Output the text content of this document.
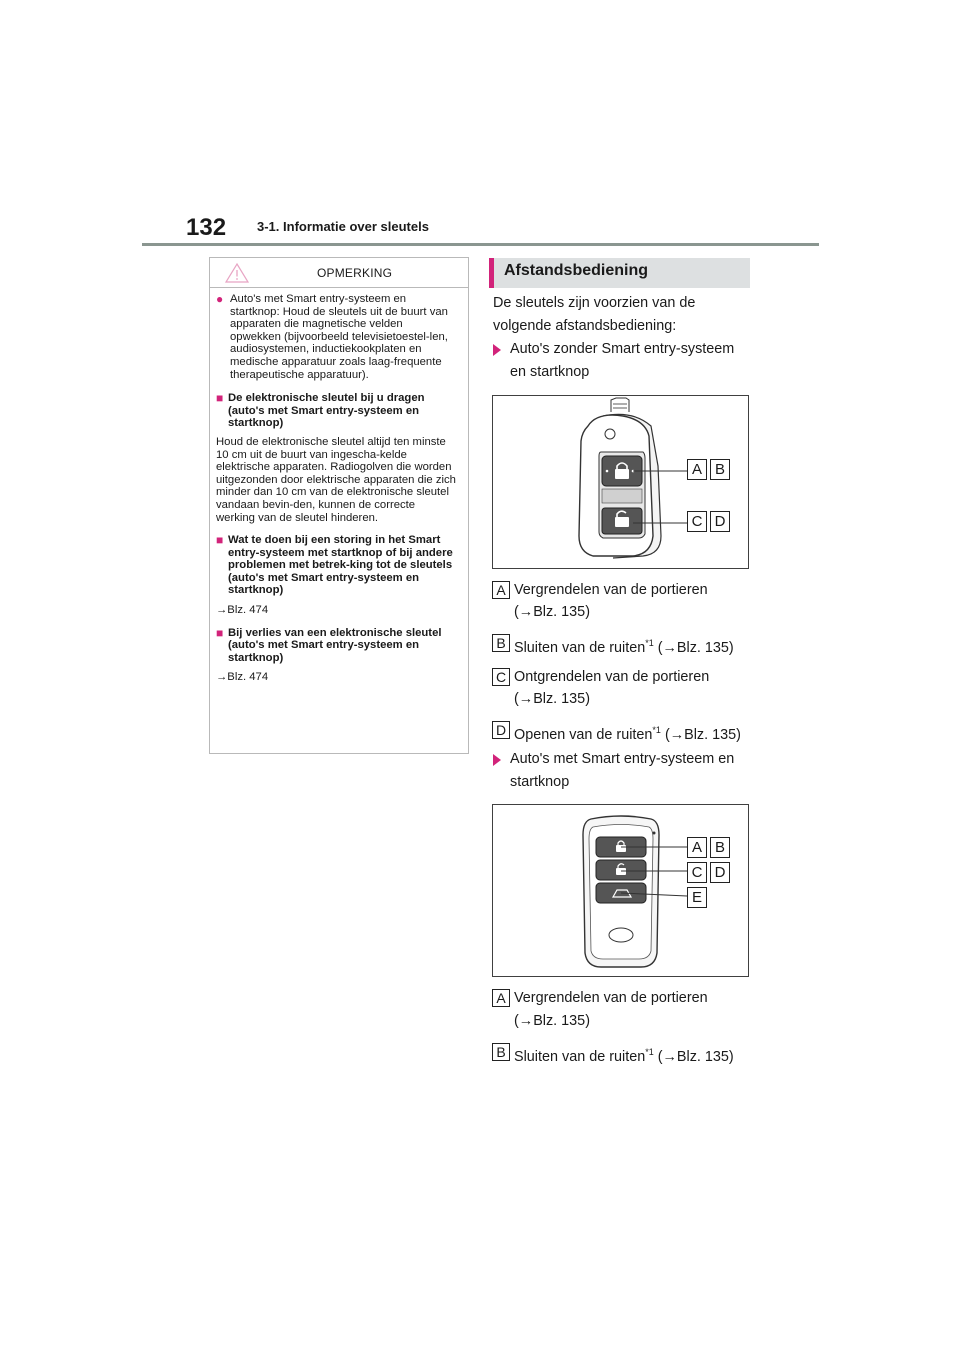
132 3-1. Informatie over sleutels
OPMERKING
● Auto's met Smart entry-systeem en startknop: Houd de sleutels uit de buurt van apparaten die magnetische velden opwekken (bijvoorbeeld televisietoestel-len, audiosystemen, inductiekookplaten en medische apparatuur zoals laag-frequente therapeutische apparatuur).
■ De elektronische sleutel bij u dragen (auto's met Smart entry-systeem en startknop)
Houd de elektronische sleutel altijd ten minste 10 cm uit de buurt van ingescha-kelde elektrische apparaten. Radiogolven die worden uitgezonden door elektrische apparaten die zich minder dan 10 cm van de elektronische sleutel vandaan bevin-den, kunnen de correcte werking van de sleutel hinderen.
■ Wat te doen bij een storing in het Smart entry-systeem met startknop of bij andere problemen met betrek-king tot de sleutels (auto's met Smart entry-systeem en startknop)
→Blz. 474
■ Bij verlies van een elektronische sleutel (auto's met Smart entry-systeem en startknop)
→Blz. 474
Afstandsbediening
De sleutels zijn voorzien van de volgende afstandsbediening:
Auto's zonder Smart entry-systeem en startknop
A B
C D
A Vergrendelen van de portieren
(→Blz. 135)
B Sluiten van de ruiten$^{*1}$ (→Blz. 135)
C Ontgrendelen van de portieren
(→Blz. 135)
D Openen van de ruiten$^{*1}$ (→Blz. 135)
Auto's met Smart entry-systeem en startknop
A B
C D
E
A Vergrendelen van de portieren
(→Blz. 135)
B Sluiten van de ruiten$^{*1}$ (→Blz. 135)
